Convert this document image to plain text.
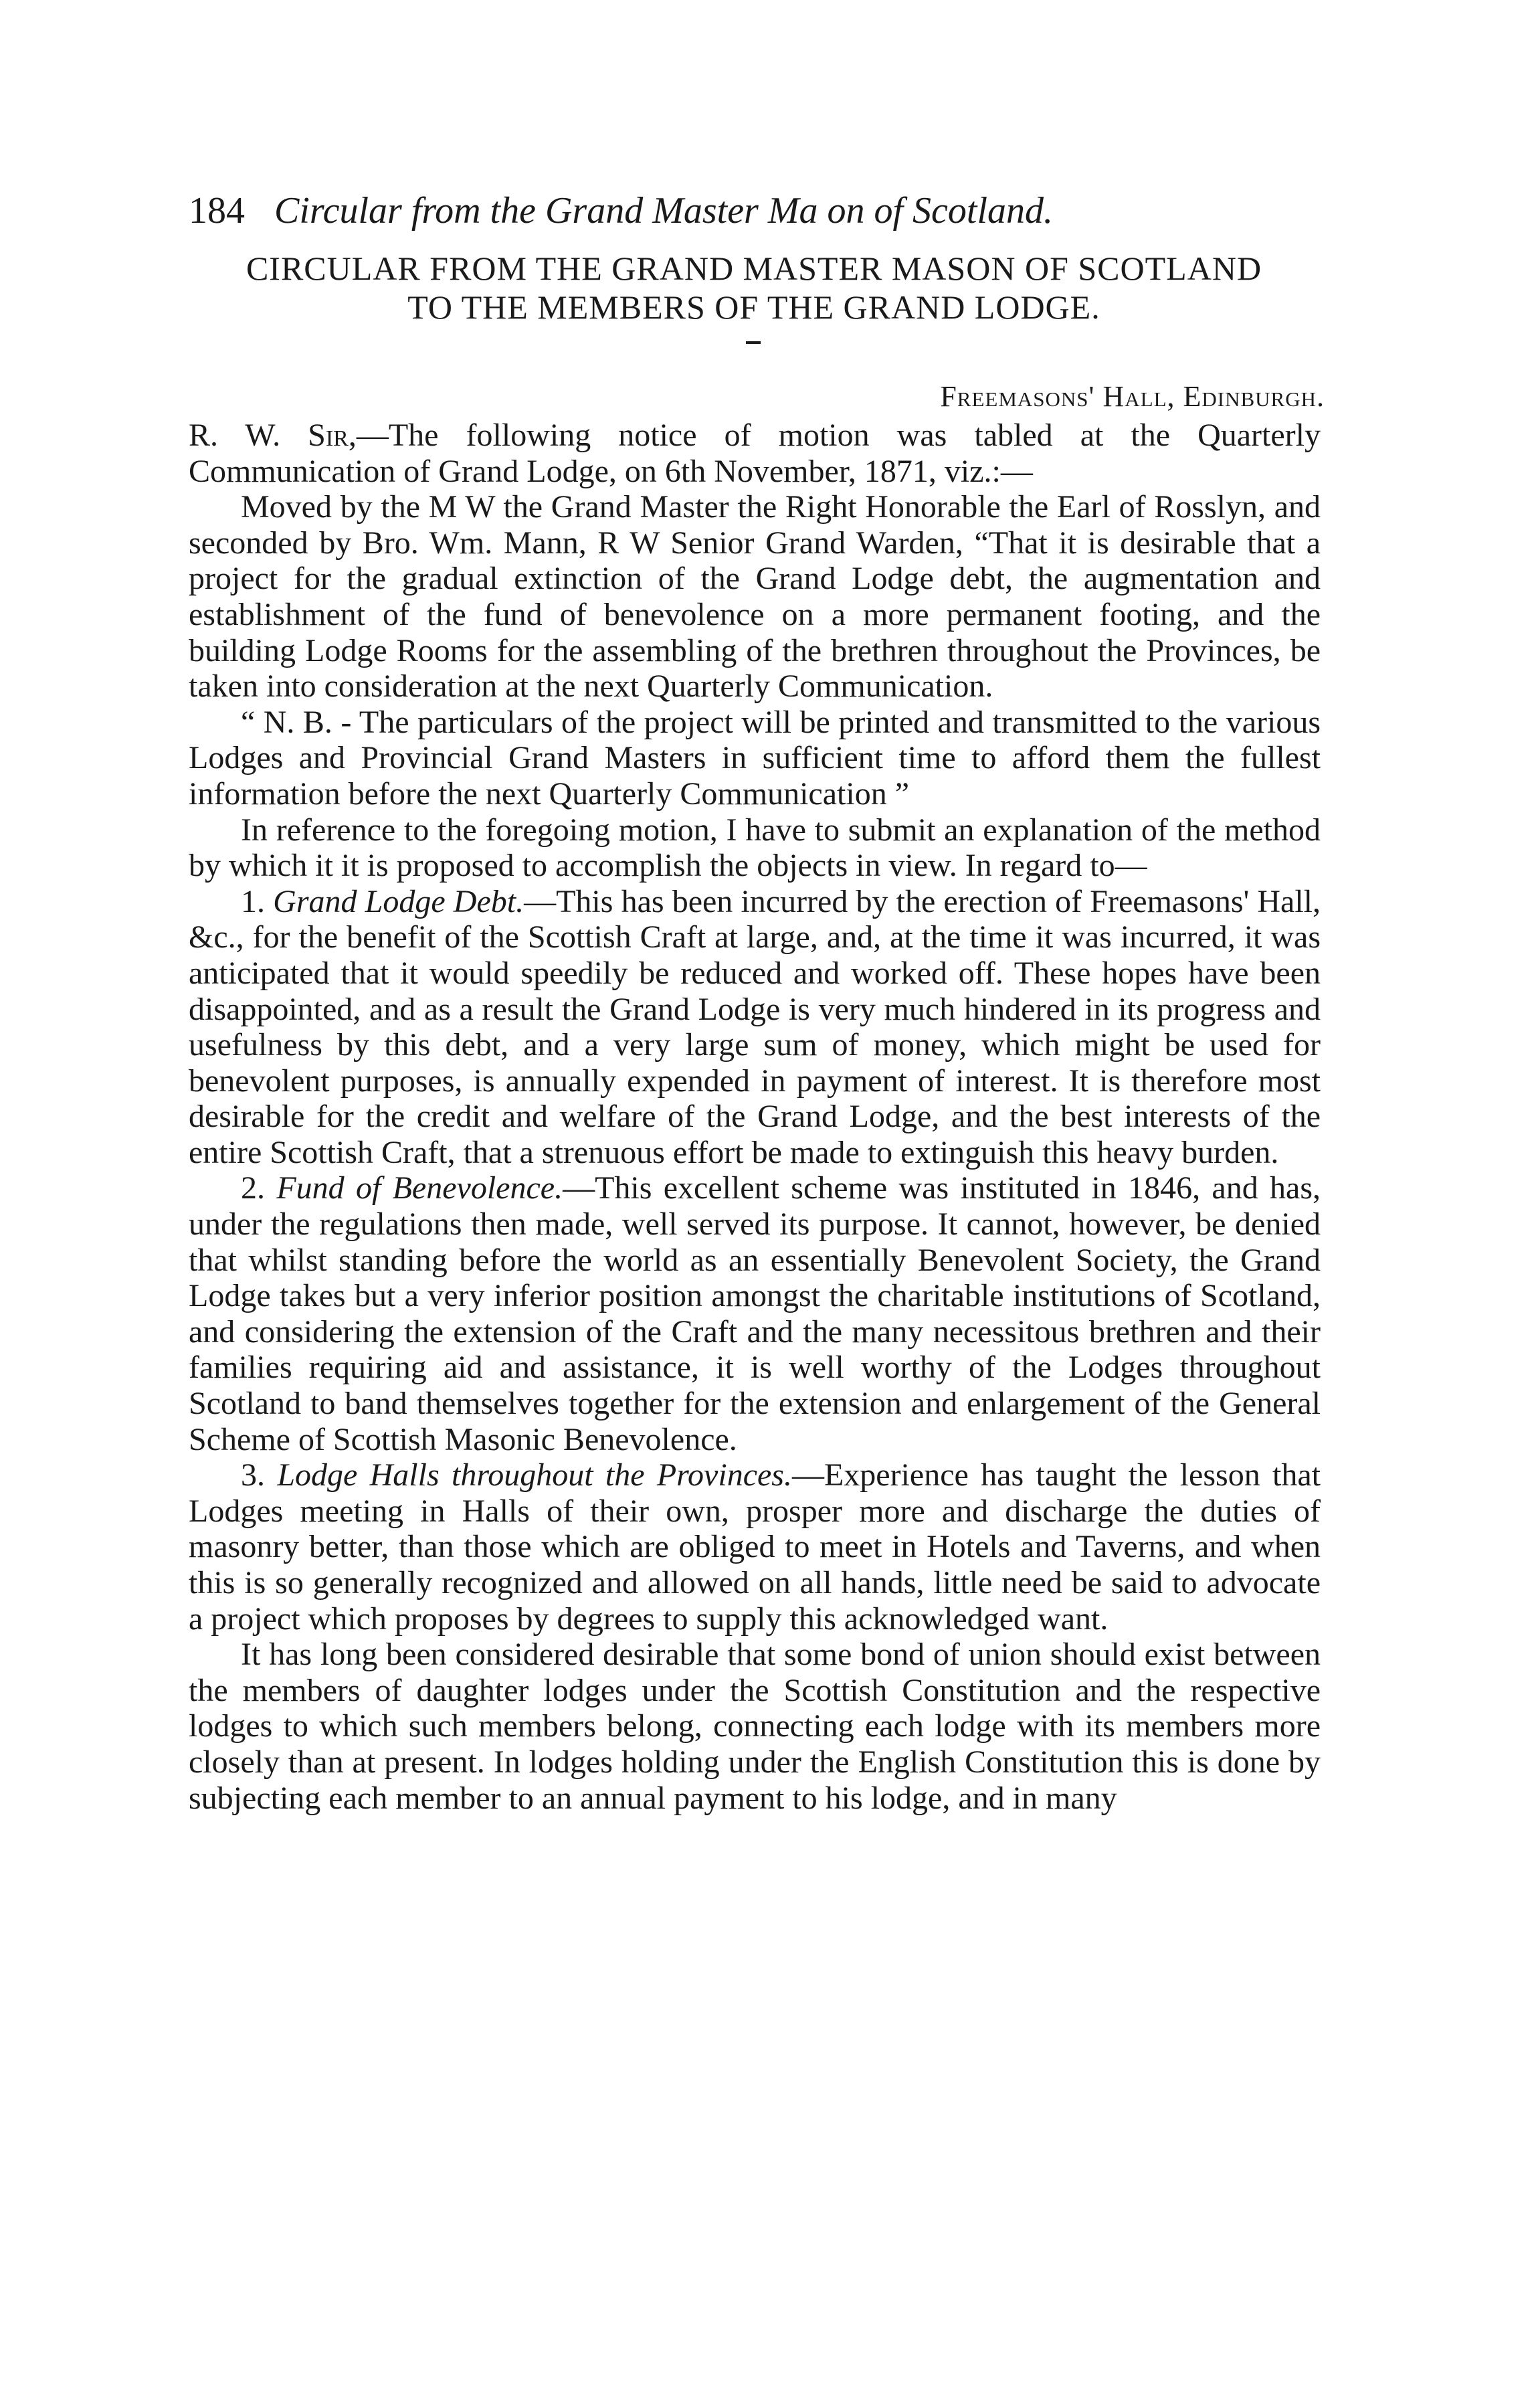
184 Circular from the Grand Master Ma on of Scotland.
CIRCULAR FROM THE GRAND MASTER MASON OF SCOTLAND
TO THE MEMBERS OF THE GRAND LODGE.
Freemasons' Hall, Edinburgh.

R. W. Sir,—The following notice of motion was tabled at the Quarterly Communication of Grand Lodge, on 6th November, 1871, viz.:—

Moved by the M W the Grand Master the Right Honorable the Earl of Rosslyn, and seconded by Bro. Wm. Mann, R W Senior Grand Warden, “That it is desirable that a project for the gradual extinction of the Grand Lodge debt, the augmentation and establishment of the fund of benevolence on a more permanent footing, and the building Lodge Rooms for the assembling of the brethren throughout the Provinces, be taken into consideration at the next Quarterly Communication.

“ N. B. - The particulars of the project will be printed and transmitted to the various Lodges and Provincial Grand Masters in sufficient time to afford them the fullest information before the next Quarterly Communication ”

In reference to the foregoing motion, I have to submit an explanation of the method by which it it is proposed to accomplish the objects in view. In regard to—

1. Grand Lodge Debt.—This has been incurred by the erection of Freemasons' Hall, &c., for the benefit of the Scottish Craft at large, and, at the time it was incurred, it was anticipated that it would speedily be reduced and worked off. These hopes have been disappointed, and as a result the Grand Lodge is very much hindered in its progress and usefulness by this debt, and a very large sum of money, which might be used for benevolent purposes, is annually expended in payment of interest. It is therefore most desirable for the credit and welfare of the Grand Lodge, and the best interests of the entire Scottish Craft, that a strenuous effort be made to extinguish this heavy burden.

2. Fund of Benevolence.—This excellent scheme was instituted in 1846, and has, under the regulations then made, well served its purpose. It cannot, however, be denied that whilst standing before the world as an essentially Benevolent Society, the Grand Lodge takes but a very inferior position amongst the charitable institutions of Scotland, and considering the extension of the Craft and the many necessitous brethren and their families requiring aid and assistance, it is well worthy of the Lodges throughout Scotland to band themselves together for the extension and enlargement of the General Scheme of Scottish Masonic Benevolence.

3. Lodge Halls throughout the Provinces.—Experience has taught the lesson that Lodges meeting in Halls of their own, prosper more and discharge the duties of masonry better, than those which are obliged to meet in Hotels and Taverns, and when this is so generally recognized and allowed on all hands, little need be said to advocate a project which proposes by degrees to supply this acknowledged want.

It has long been considered desirable that some bond of union should exist between the members of daughter lodges under the Scottish Constitution and the respective lodges to which such members belong, connecting each lodge with its members more closely than at present. In lodges holding under the English Constitution this is done by subjecting each member to an annual payment to his lodge, and in many
